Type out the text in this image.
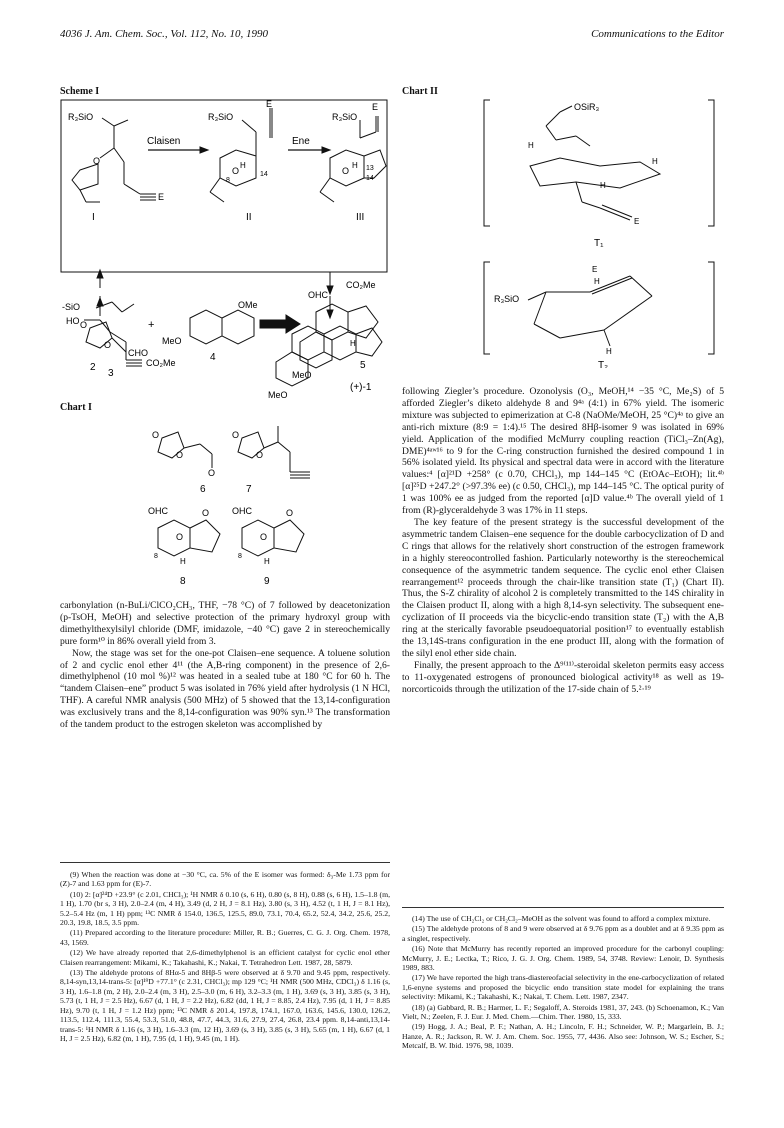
4036 J. Am. Chem. Soc., Vol. 112, No. 10, 1990	Communications to the Editor
Scheme I
R₃SiO
O
E
I
Claisen	Ene
R₃SiO
E
O
H
14
8
II
R₃SiO
E
O
H 13
14
III
‑SiO
HO
CO₂Me
2
+
OMe
MeO
4
OHC
CO₂Me
MeO
5
H
O
O
CHO
3
MeO
(+)-1
Chart I
O
O
O
6
O
O
7
OHC	O
O
H
8
8
OHC	O
O
H
8
9

carbonylation (n-BuLi/ClCO₂CH₃, THF, −78 °C) of 7 followed by deacetonization (p-TsOH, MeOH) and selective protection of the primary hydroxyl group with dimethylthexylsilyl chloride (DMF, imidazole, −40 °C) gave 2 in stereochemically pure form¹⁰ in 86% overall yield from 3.

Now, the stage was set for the one-pot Claisen–ene sequence. A toluene solution of 2 and cyclic enol ether 4¹¹ (the A,B-ring component) in the presence of 2,6-dimethylphenol (10 mol %)¹² was heated in a sealed tube at 180 °C for 60 h. The “tandem Claisen–ene” product 5 was isolated in 76% yield after hydrolysis (1 N HCl, THF). A careful NMR analysis (500 MHz) of 5 showed that the 13,14-configuration was exclusively trans and the 8,14-configuration was 90% syn.¹³ The transformation of the tandem product to the estrogen skeleton was accomplished by

(9) When the reaction was done at −30 °C, ca. 5% of the E isomer was formed: δ₃‑Me 1.73 ppm for (Z)-7 and 1.63 ppm for (E)-7.

(10) 2: [α]²⁴D +23.9° (c 2.01, CHCl₃); ¹H NMR δ 0.10 (s, 6 H), 0.80 (s, 8 H), 0.88 (s, 6 H), 1.5–1.8 (m, 1 H), 1.70 (br s, 3 H), 2.0–2.4 (m, 4 H), 3.49 (d, 2 H, J = 8.1 Hz), 3.80 (s, 3 H), 4.52 (t, 1 H, J = 8.1 Hz), 5.2–5.4 Hz (m, 1 H) ppm; ¹³C NMR δ 154.0, 136.5, 125.5, 89.0, 73.1, 70.4, 65.2, 52.4, 34.2, 25.6, 25.2, 20.3, 19.8, 18.5, 3.5 ppm.

(11) Prepared according to the literature procedure: Miller, R. B.; Guerres, C. G. J. Org. Chem. 1978, 43, 1569.

(12) We have already reported that 2,6-dimethylphenol is an efficient catalyst for cyclic enol ether Claisen rearrangement: Mikami, K.; Takahashi, K.; Nakai, T. Tetrahedron Lett. 1987, 28, 5879.

(13) The aldehyde protons of 8Hα-5 and 8Hβ-5 were observed at δ 9.70 and 9.45 ppm, respectively. 8,14-syn,13,14-trans-5: [α]¹⁹D +77.1° (c 2.31, CHCl₃); mp 129 °C; ¹H NMR (500 MHz, CDCl₃) δ 1.16 (s, 3 H), 1.6–1.8 (m, 2 H), 2.0–2.4 (m, 3 H), 2.5–3.0 (m, 6 H), 3.2–3.3 (m, 1 H), 3.69 (s, 3 H), 3.85 (s, 3 H), 5.73 (t, 1 H, J = 2.5 Hz), 6.67 (d, 1 H, J = 2.2 Hz), 6.82 (dd, 1 H, J = 8.85, 2.4 Hz), 7.95 (d, 1 H, J = 8.85 Hz), 9.70 (t, 1 H, J = 1.2 Hz) ppm; ¹³C NMR δ 201.4, 197.8, 174.1, 167.0, 163.6, 145.6, 130.0, 126.2, 113.5, 112.4, 111.3, 55.4, 53.3, 51.0, 48.8, 47.7, 44.3, 31.6, 27.9, 27.4, 26.8, 23.4 ppm. 8,14-anti,13,14-trans-5: ¹H NMR δ 1.16 (s, 3 H), 1.6–3.3 (m, 12 H), 3.69 (s, 3 H), 3.85 (s, 3 H), 5.65 (m, 1 H), 6.67 (d, 1 H, J = 2.5 Hz), 6.82 (m, 1 H), 7.95 (d, 1 H), 9.45 (m, 1 H).

Chart II
OSiR₃
H
H
H
E
T₁
E
H
R₃SiO
H
T₂

following Ziegler’s procedure. Ozonolysis (O₃, MeOH,¹⁴ −35 °C, Me₂S) of 5 afforded Ziegler’s diketo aldehyde 8 and 9⁴ᵃ (4:1) in 67% yield. The isomeric mixture was subjected to epimerization at C-8 (NaOMe/MeOH, 25 °C)⁴ᵃ to give an anti-rich mixture (8:9 = 1:4).¹⁵ The desired 8Hβ-isomer 9 was isolated in 69% yield. Application of the modified McMurry coupling reaction (TiCl₃–Zn(Ag), DME)⁴ᵃʷ¹⁶ to 9 for the C-ring construction furnished the desired compound 1 in 56% isolated yield. Its physical and spectral data were in accord with the literature values:⁴ [α]²¹D +258° (c 0.70, CHCl₃), mp 144–145 °C (EtOAc–EtOH); lit.⁴ᵇ [α]²⁵D +247.2° (>97.3% ee) (c 0.50, CHCl₃), mp 144–145 °C. The optical purity of 1 was 100% ee as judged from the reported [α]D value.⁴ᵇ The overall yield of 1 from (R)-glyceraldehyde 3 was 17% in 11 steps.

The key feature of the present strategy is the successful development of the asymmetric tandem Claisen–ene sequence for the double carbocyclization of D and C rings that allows for the relatively short construction of the estrogen framework in a highly stereocontrolled fashion. Particularly noteworthy is the stereochemical consequence of the asymmetric tandem sequence. The cyclic enol ether Claisen rearrangement¹² proceeds through the chair-like transition state (T₁) (Chart II). Thus, the S-Z chirality of alcohol 2 is completely transmitted to the 14S chirality in the Claisen product II, along with a high 8,14-syn selectivity. The subsequent ene-cyclization of II proceeds via the bicyclic-endo transition state (T₂) with the A,B ring at the sterically favorable pseudoequatorial position¹⁷ to eventually establish the 13,14S-trans configuration in the ene product III, along with the formation of the silyl enol ether side chain.

Finally, the present approach to the Δ⁹⁽¹¹⁾-steroidal skeleton permits easy access to 11-oxygenated estrogens of pronounced biological activity¹⁸ as well as 19-norcorticoids through the utilization of the 17-side chain of 5.²·¹⁹

(14) The use of CH₂Cl₂ or CH₂Cl₂–MeOH as the solvent was found to afford a complex mixture.

(15) The aldehyde protons of 8 and 9 were observed at δ 9.76 ppm as a doublet and at δ 9.35 ppm as a singlet, respectively.

(16) Note that McMurry has recently reported an improved procedure for the carbonyl coupling: McMurry, J. E.; Lectka, T.; Rico, J. G. J. Org. Chem. 1989, 54, 3748. Review: Lenoir, D. Synthesis 1989, 883.

(17) We have reported the high trans-diastereofacial selectivity in the ene-carbocyclization of related 1,6-enyne systems and proposed the bicyclic endo transition state model for explaining the trans selectivity: Mikami, K.; Takahashi, K.; Nakai, T. Chem. Lett. 1987, 2347.

(18) (a) Gabbard, R. B.; Harmer, L. F.; Segaloff, A. Steroids 1981, 37, 243. (b) Schoenamon, K.; Van Vielt, N.; Zeelen, F. J. Eur. J. Med. Chem.—Chim. Ther. 1980, 15, 333.

(19) Hogg, J. A.; Beal, P. F.; Nathan, A. H.; Lincoln, F. H.; Schneider, W. P.; Margarlein, B. J.; Hanze, A. R.; Jackson, R. W. J. Am. Chem. Soc. 1955, 77, 4436. Also see: Johnson, W. S.; Escher, S.; Metcalf, B. W. Ibid. 1976, 98, 1039.
